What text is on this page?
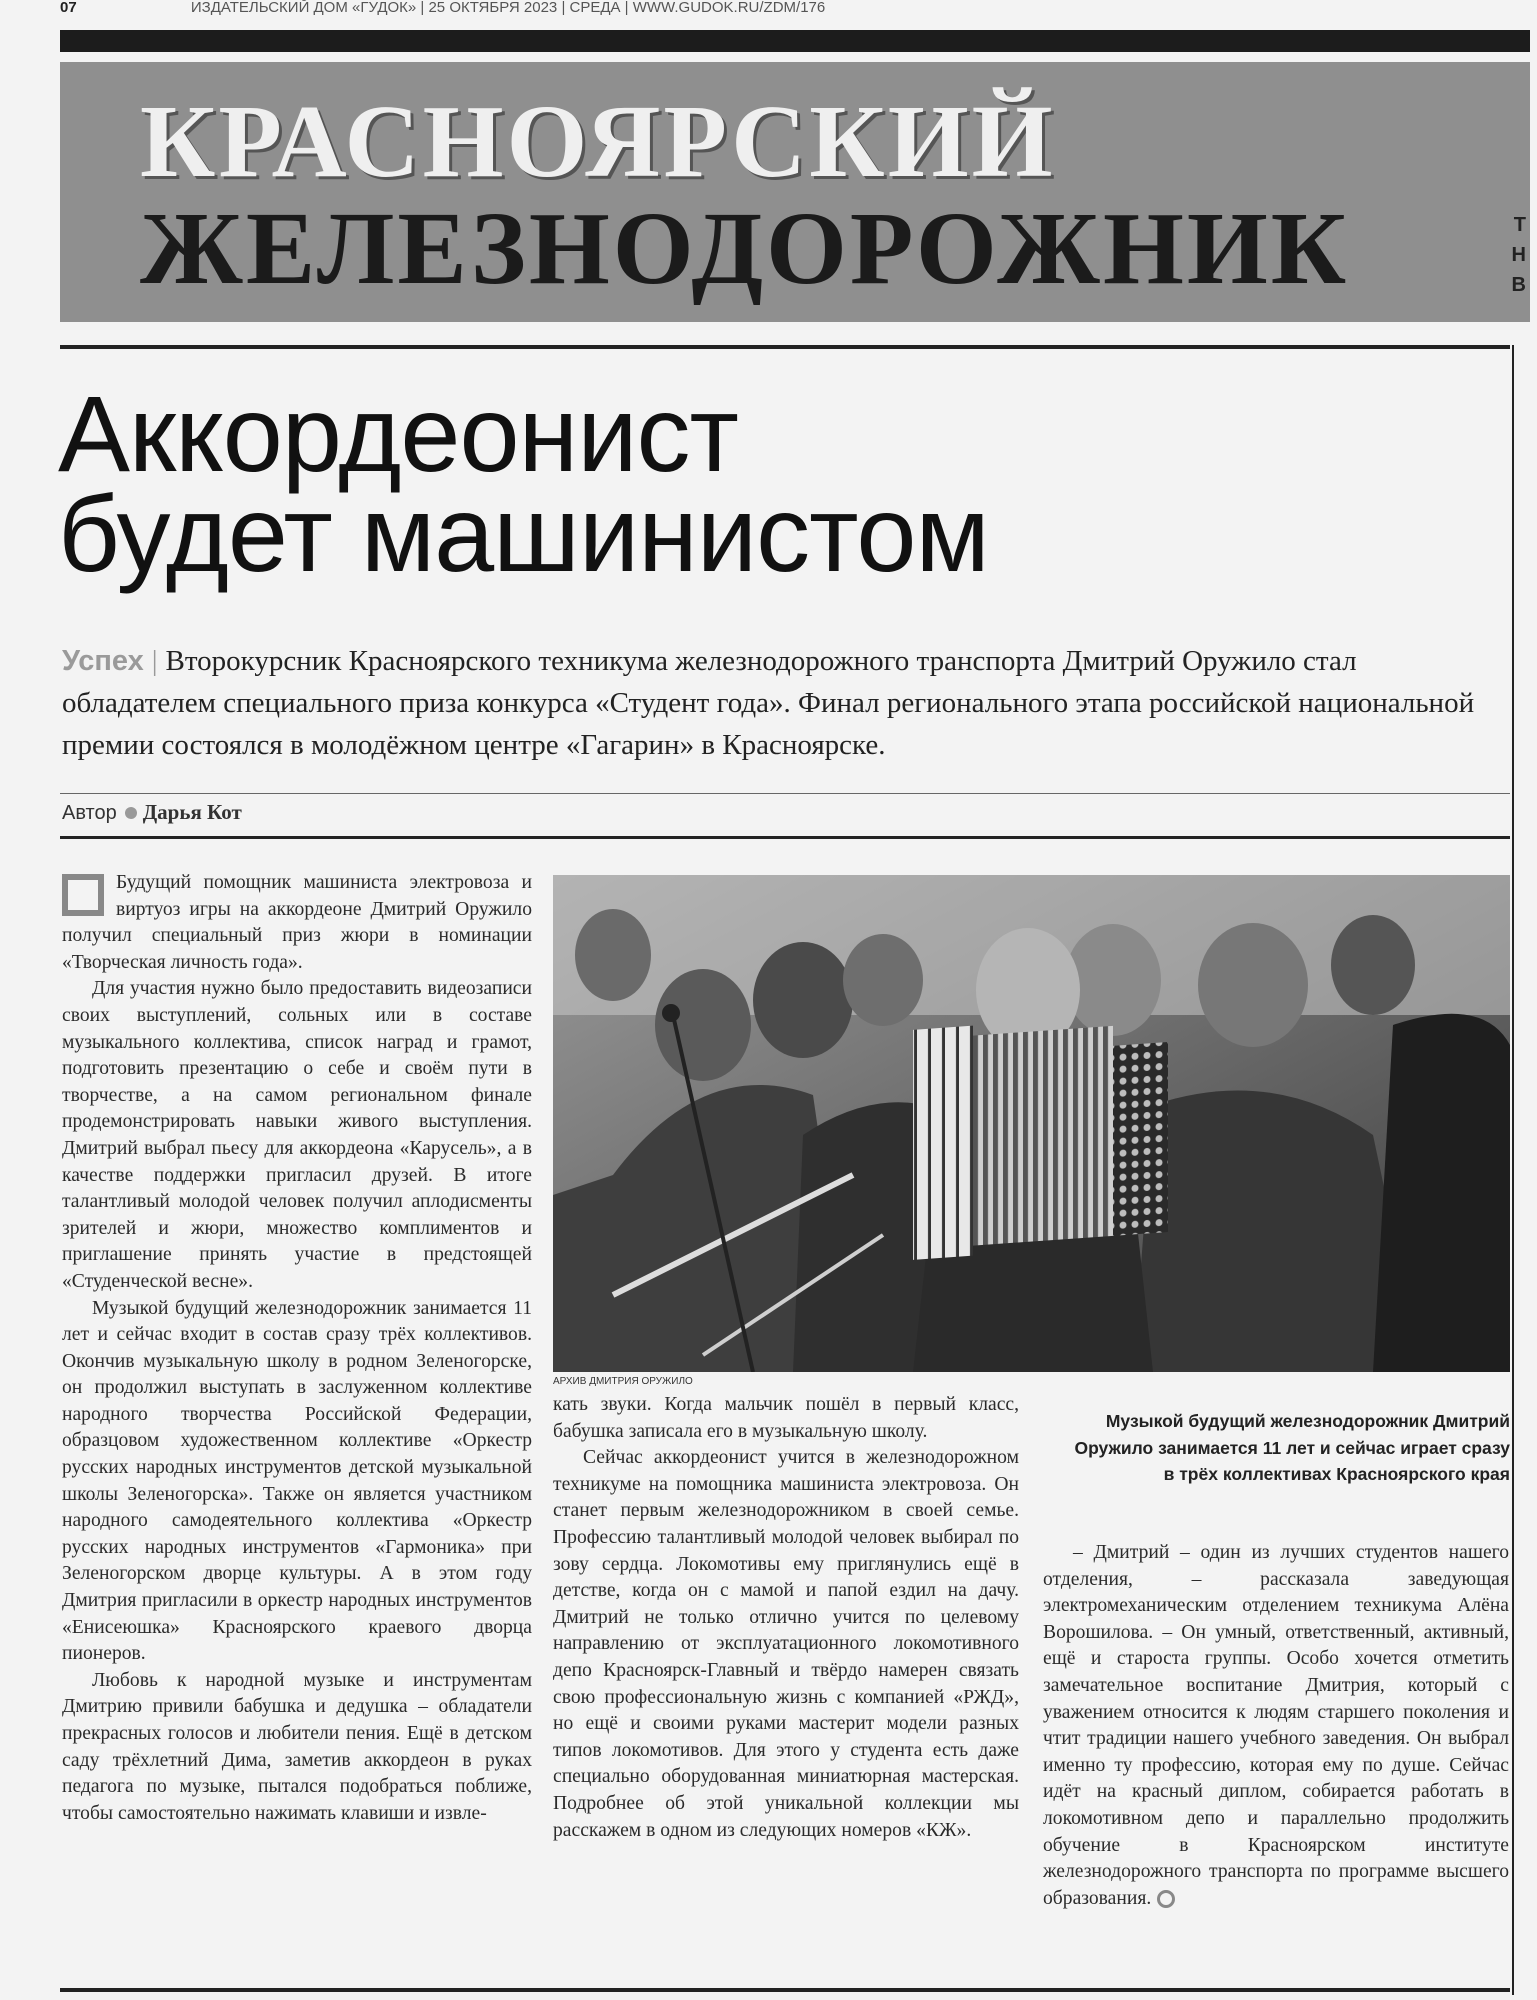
07	ИЗДАТЕЛЬСКИЙ ДОМ «ГУДОК» | 25 ОКТЯБРЯ 2023 | СРЕДА | WWW.GUDOK.RU/ZDM/176
КРАСНОЯРСКИЙ
ЖЕЛЕЗНОДОРОЖНИК	Т
Н
В
Аккордеонист
будет машинистом
Успех | Второкурсник Красноярского техникума железнодорожного транспорта Дмитрий Оружило стал обладателем специального приза конкурса «Студент года». Финал регионального этапа российской национальной премии состоялся в молодёжном центре «Гагарин» в Красноярске.
Автор Дарья Кот

Будущий помощник машиниста электровоза и виртуоз игры на аккордеоне Дмитрий Оружило получил специальный приз жюри в номинации «Творческая личность года».

Для участия нужно было предоставить видеозаписи своих выступлений, сольных или в составе музыкального коллектива, список наград и грамот, подготовить презентацию о себе и своём пути в творчестве, а на самом региональном финале продемонстрировать навыки живого выступления. Дмитрий выбрал пьесу для аккордеона «Карусель», а в качестве поддержки пригласил друзей. В итоге талантливый молодой человек получил аплодисменты зрителей и жюри, множество комплиментов и приглашение принять участие в предстоящей «Студенческой весне».

Музыкой будущий железнодорожник занимается 11 лет и сейчас входит в состав сразу трёх коллективов. Окончив музыкальную школу в родном Зеленогорске, он продолжил выступать в заслуженном коллективе народного творчества Российской Федерации, образцовом художественном коллективе «Оркестр русских народных инструментов детской музыкальной школы Зеленогорска». Также он является участником народного самодеятельного коллектива «Оркестр русских народных инструментов «Гармоника» при Зеленогорском дворце культуры. А в этом году Дмитрия пригласили в оркестр народных инструментов «Енисеюшка» Красноярского краевого дворца пионеров.

Любовь к народной музыке и инструментам Дмитрию привили бабушка и дедушка – обладатели прекрасных голосов и любители пения. Ещё в детском саду трёхлетний Дима, заметив аккордеон в руках педагога по музыке, пытался подобраться поближе, чтобы самостоятельно нажимать клавиши и извле-

АРХИВ ДМИТРИЯ ОРУЖИЛО

кать звуки. Когда мальчик пошёл в первый класс, бабушка записала его в музыкальную школу.

Сейчас аккордеонист учится в железнодорожном техникуме на помощника машиниста электровоза. Он станет первым железнодорожником в своей семье. Профессию талантливый молодой человек выбирал по зову сердца. Локомотивы ему приглянулись ещё в детстве, когда он с мамой и папой ездил на дачу. Дмитрий не только отлично учится по целевому направлению от эксплуатационного локомотивного депо Красноярск-Главный и твёрдо намерен связать свою профессиональную жизнь с компанией «РЖД», но ещё и своими руками мастерит модели разных типов локомотивов. Для этого у студента есть даже специально оборудованная миниатюрная мастерская. Подробнее об этой уникальной коллекции мы расскажем в одном из следующих номеров «КЖ».

Музыкой будущий железнодорожник Дмитрий Оружило занимается 11 лет и сейчас играет сразу в трёх коллективах Красноярского края

– Дмитрий – один из лучших студентов нашего отделения, – рассказала заведующая электромеханическим отделением техникума Алёна Ворошилова. – Он умный, ответственный, активный, ещё и староста группы. Особо хочется отметить замечательное воспитание Дмитрия, который с уважением относится к людям старшего поколения и чтит традиции нашего учебного заведения. Он выбрал именно ту профессию, которая ему по душе. Сейчас идёт на красный диплом, собирается работать в локомотивном депо и параллельно продолжить обучение в Красноярском институте железнодорожного транспорта по программе высшего образования.
